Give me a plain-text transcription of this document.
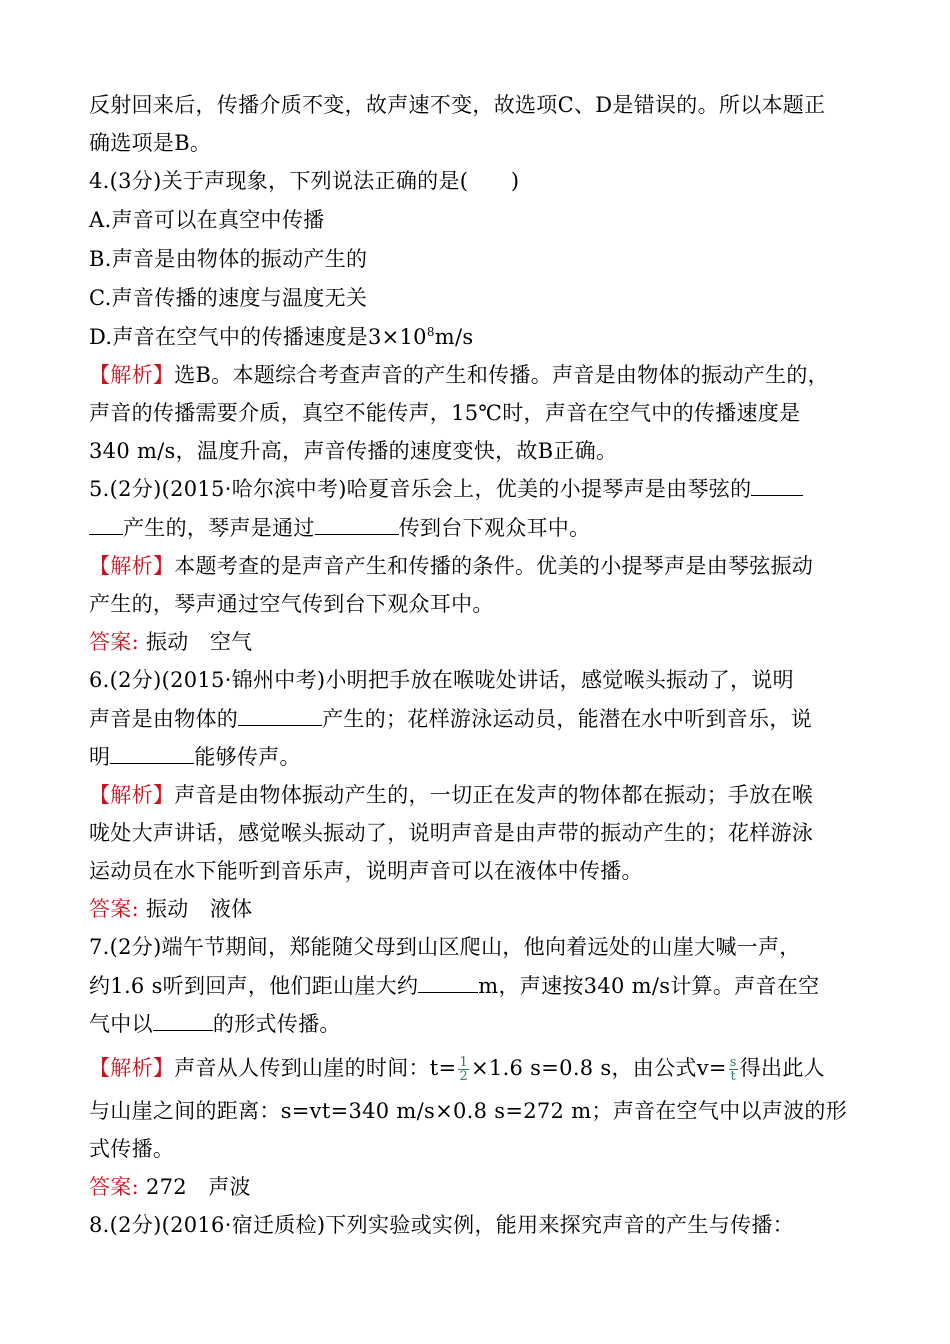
反射回来后，传播介质不变，故声速不变，故选项C、D是错误的。所以本题正
确选项是B。
4.(3分)关于声现象，下列说法正确的是(　　)
A.声音可以在真空中传播
B.声音是由物体的振动产生的
C.声音传播的速度与温度无关
D.声音在空气中的传播速度是$3\times 10^8m/s$
【解析】选B。本题综合考查声音的产生和传播。声音是由物体的振动产生的，
声音的传播需要介质，真空不能传声，15℃时，声音在空气中的传播速度是
340 m/s，温度升高，声音传播的速度变快，故B正确。
5.(2分)(2015·哈尔滨中考)哈夏音乐会上，优美的小提琴声是由琴弦的
产生的，琴声是通过	传到台下观众耳中。
【解析】本题考查的是声音产生和传播的条件。优美的小提琴声是由琴弦振动
产生的，琴声通过空气传到台下观众耳中。
答案: 振动　空气
6.(2分)(2015·锦州中考)小明把手放在喉咙处讲话，感觉喉头振动了，说明
声音是由物体的	产生的；花样游泳运动员，能潜在水中听到音乐，说
明	能够传声。
【解析】声音是由物体振动产生的，一切正在发声的物体都在振动；手放在喉
咙处大声讲话，感觉喉头振动了，说明声音是由声带的振动产生的；花样游泳
运动员在水下能听到音乐声，说明声音可以在液体中传播。
答案: 振动　液体
7.(2分)端午节期间，郑能随父母到山区爬山，他向着远处的山崖大喊一声，
约1.6 s听到回声，他们距山崖大约	m，声速按340 m/s计算。声音在空
气中以	的形式传播。
【解析】声音从人传到山崖的时间：$t= \frac{1}{2} \times 1.6$ s=0.8 s，由公式$v= \frac{s}{t}$ 得出此人
与山崖之间的距离：s=vt=340 m/s×0.8 s=272 m；声音在空气中以声波的形
式传播。
答案: 272　声波
8.(2分)(2016·宿迁质检)下列实验或实例，能用来探究声音的产生与传播：
